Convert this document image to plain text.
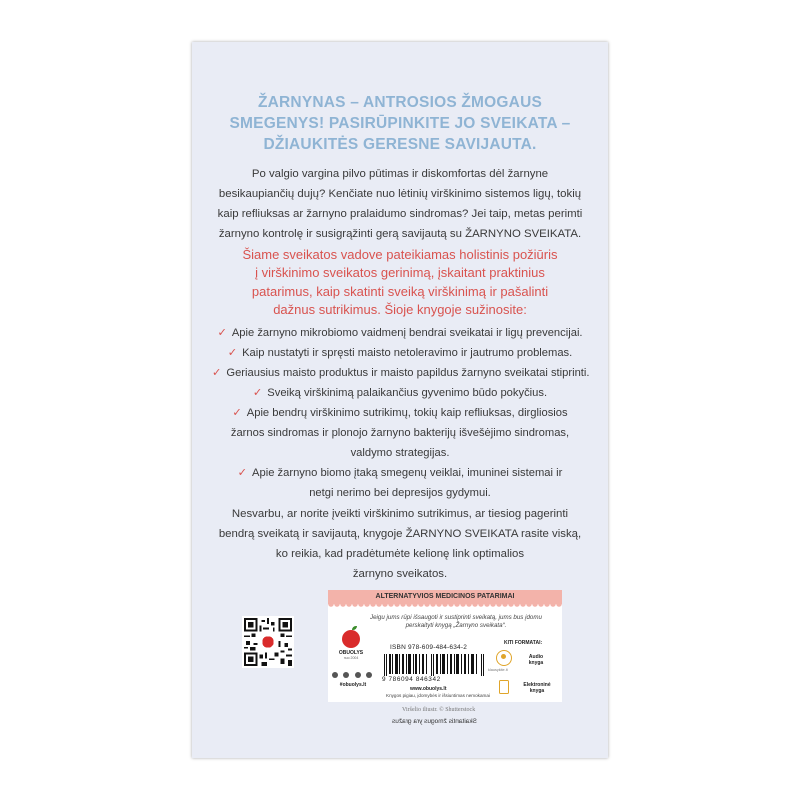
ŽARNYNAS – ANTROSIOS ŽMOGAUS
SMEGENYS! PASIRŪPINKITE JO SVEIKATA –
DŽIAUKITĖS GERESNE SAVIJAUTA.
Po valgio vargina pilvo pūtimas ir diskomfortas dėl žarnyne
besikaupiančių dujų? Kenčiate nuo lėtinių virškinimo sistemos ligų, tokių
kaip refliuksas ar žarnyno pralaidumo sindromas? Jei taip, metas perimti
žarnyno kontrolę ir susigrąžinti gerą savijautą su ŽARNYNO SVEIKATA.
Šiame sveikatos vadove pateikiamas holistinis požiūris
į virškinimo sveikatos gerinimą, įskaitant praktinius
patarimus, kaip skatinti sveiką virškinimą ir pašalinti
dažnus sutrikimus. Šioje knygoje sužinosite:
✓ Apie žarnyno mikrobiomo vaidmenį bendrai sveikatai ir ligų prevencijai.
✓ Kaip nustatyti ir spręsti maisto netoleravimo ir jautrumo problemas.
✓ Geriausius maisto produktus ir maisto papildus žarnyno sveikatai stiprinti.
✓ Sveiką virškinimą palaikančius gyvenimo būdo pokyčius.
✓ Apie bendrų virškinimo sutrikimų, tokių kaip refliuksas, dirgliosios
žarnos sindromas ir plonojo žarnyno bakterijų išvešėjimo sindromas,
valdymo strategijas.
✓ Apie žarnyno biomo įtaką smegenų veiklai, imuninei sistemai ir
netgi nerimo bei depresijos gydymui.
Nesvarbu, ar norite įveikti virškinimo sutrikimus, ar tiesiog pagerinti
bendrą sveikatą ir savijautą, knygoje ŽARNYNO SVEIKATA rasite viską,
ko reikia, kad pradėtumėte kelionę link optimalios
žarnyno sveikatos.
ALTERNATYVIOS MEDICINOS PATARIMAI
Jeigu jums rūpi išsaugoti ir sustiprinti sveikatą, jums bus įdomu perskaityti knygą „Žarnyno sveikata“.
OBUOLYS
nuo 2004
#obuolys.lt
ISBN 978-609-484-634-2
9 786094 846342
www.obuolys.lt
Knygos pigiau, įdomybės ir išsiuntimas nemokamai
KITI FORMATAI:
klausykite.lt
Audio knyga
Elektroninė knyga
Viršelio iliustr. © Shutterstock
Skaitantis žmogus yra gražus
